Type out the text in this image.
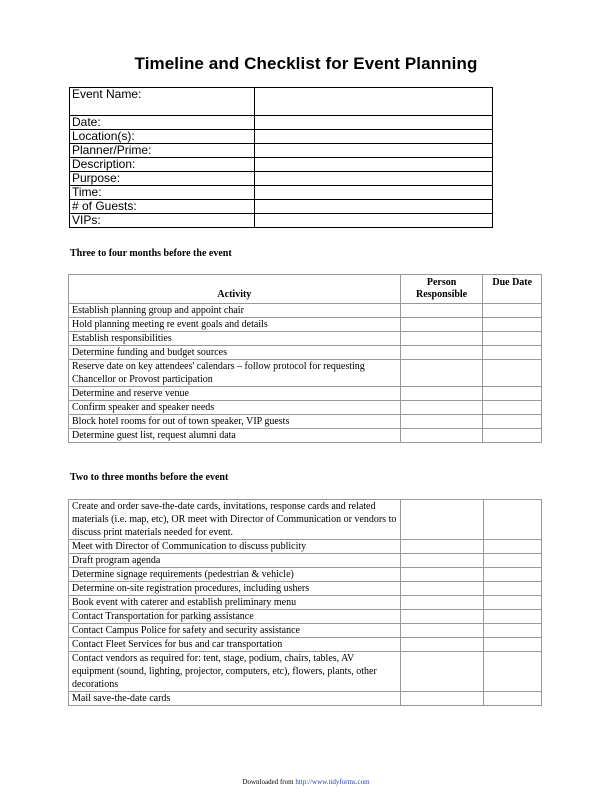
Timeline and Checklist for Event Planning
Event Name:	
Date:	
Location(s):	
Planner/Prime:	
Description:	
Purpose:	
Time:	
# of Guests:	
VIPs:	
Three to four months before the event
Activity	Person Responsible	Due Date
Establish planning group and appoint chair		
Hold planning meeting re event goals and details		
Establish responsibilities		
Determine funding and budget sources		
Reserve date on key attendees' calendars – follow protocol for requesting Chancellor or Provost participation		
Determine and reserve venue		
Confirm speaker and speaker needs		
Block hotel rooms for out of town speaker, VIP guests		
Determine guest list, request alumni data		
Two to three months before the event
Create and order save-the-date cards, invitations, response cards and related materials (i.e. map, etc), OR meet with Director of Communication or vendors to discuss print materials needed for event.		
Meet with Director of Communication to discuss publicity		
Draft program agenda		
Determine signage requirements (pedestrian & vehicle)		
Determine on-site registration procedures, including ushers		
Book event with caterer and establish preliminary menu		
Contact Transportation for parking assistance		
Contact Campus Police for safety and security assistance		
Contact Fleet Services for bus and car transportation		
Contact vendors as required for: tent, stage, podium, chairs, tables, AV equipment (sound, lighting, projector, computers, etc), flowers, plants, other decorations		
Mail save-the-date cards		
Downloaded from http://www.tidyforms.com
